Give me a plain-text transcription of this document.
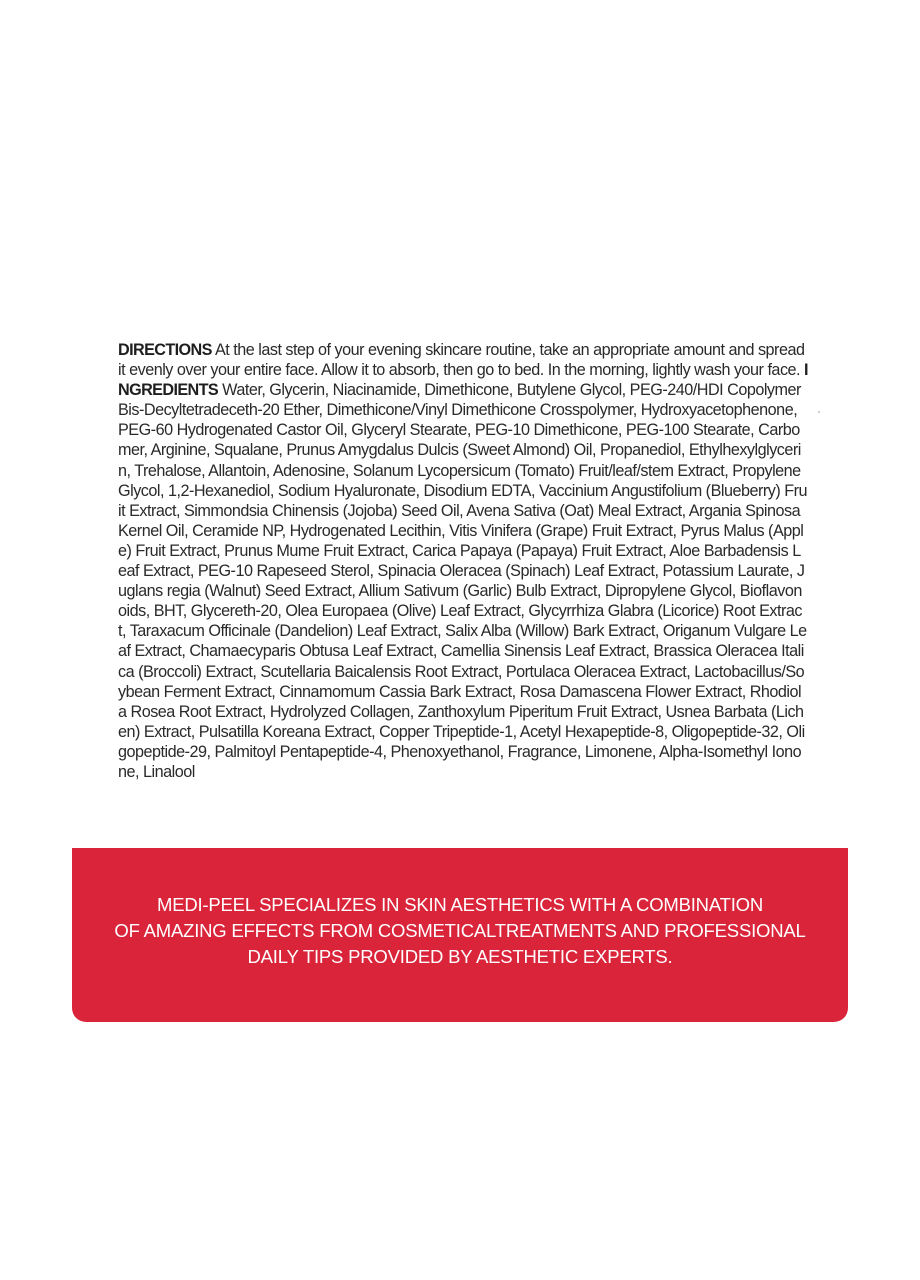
DIRECTIONS At the last step of your evening skincare routine, take an appropriate amount and spread it evenly over your entire face. Allow it to absorb, then go to bed. In the morning, lightly wash your face. INGREDIENTS Water, Glycerin, Niacinamide, Dimethicone, Butylene Glycol, PEG-240/HDI Copolymer Bis-Decyltetradeceth-20 Ether, Dimethicone/Vinyl Dimethicone Crosspolymer, Hydroxyacetophenone, PEG-60 Hydrogenated Castor Oil, Glyceryl Stearate, PEG-10 Dimethicone, PEG-100 Stearate, Carbomer, Arginine, Squalane, Prunus Amygdalus Dulcis (Sweet Almond) Oil, Propanediol, Ethylhexylglycerin, Trehalose, Allantoin, Adenosine, Solanum Lycopersicum (Tomato) Fruit/leaf/stem Extract, Propylene Glycol, 1,2-Hexanediol, Sodium Hyaluronate, Disodium EDTA, Vaccinium Angustifolium (Blueberry) Fruit Extract, Simmondsia Chinensis (Jojoba) Seed Oil, Avena Sativa (Oat) Meal Extract, Argania Spinosa Kernel Oil, Ceramide NP, Hydrogenated Lecithin, Vitis Vinifera (Grape) Fruit Extract, Pyrus Malus (Apple) Fruit Extract, Prunus Mume Fruit Extract, Carica Papaya (Papaya) Fruit Extract, Aloe Barbadensis Leaf Extract, PEG-10 Rapeseed Sterol, Spinacia Oleracea (Spinach) Leaf Extract, Potassium Laurate, Juglans regia (Walnut) Seed Extract, Allium Sativum (Garlic) Bulb Extract, Dipropylene Glycol, Bioflavonoids, BHT, Glycereth-20, Olea Europaea (Olive) Leaf Extract, Glycyrrhiza Glabra (Licorice) Root Extract, Taraxacum Officinale (Dandelion) Leaf Extract, Salix Alba (Willow) Bark Extract, Origanum Vulgare Leaf Extract, Chamaecyparis Obtusa Leaf Extract, Camellia Sinensis Leaf Extract, Brassica Oleracea Italica (Broccoli) Extract, Scutellaria Baicalensis Root Extract, Portulaca Oleracea Extract, Lactobacillus/Soybean Ferment Extract, Cinnamomum Cassia Bark Extract, Rosa Damascena Flower Extract, Rhodiola Rosea Root Extract, Hydrolyzed Collagen, Zanthoxylum Piperitum Fruit Extract, Usnea Barbata (Lichen) Extract, Pulsatilla Koreana Extract, Copper Tripeptide-1, Acetyl Hexapeptide-8, Oligopeptide-32, Oligopeptide-29, Palmitoyl Pentapeptide-4, Phenoxyethanol, Fragrance, Limonene, Alpha-Isomethyl Ionone, Linalool
MEDI-PEEL SPECIALIZES IN SKIN AESTHETICS WITH A COMBINATION
OF AMAZING EFFECTS FROM COSMETICALTREATMENTS AND PROFESSIONAL
DAILY TIPS PROVIDED BY AESTHETIC EXPERTS.
